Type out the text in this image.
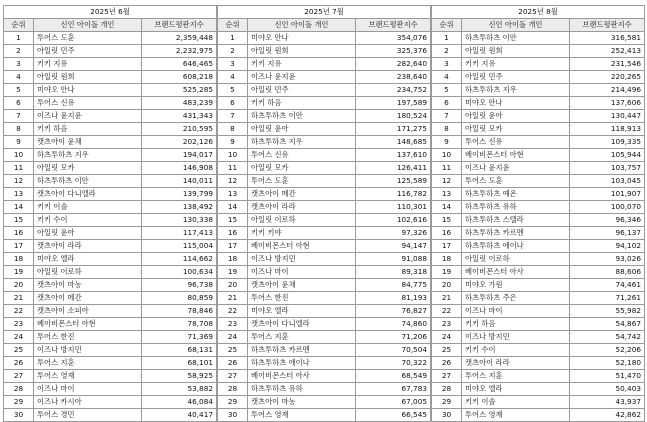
2025년 6월		
순위	신인 아이돌 개인	브랜드평판지수
1	투어스 도훈	2,359,448
2	아일릿 민주	2,232,975
3	키키 지유	646,465
4	아일릿 원희	608,218
5	미야오 안나	525,285
6	투어스 신유	483,239
7	이즈나 윤지윤	431,343
8	키키 하음	210,595
9	캣츠아이 윤채	202,126
10	하츠투하츠 지우	194,017
11	아일릿 모카	146,908
12	하츠투하츠 이안	140,011
13	캣츠아이 다니엘라	139,799
14	키키 이솔	138,492
15	키키 수이	130,338
16	아일릿 윤아	117,413
17	캣츠아이 라라	115,004
18	미야오 엘라	114,662
19	아일릿 이로하	100,634
20	캣츠아이 마농	96,738
21	캣츠아이 메간	80,859
22	캣츠아이 소피아	78,846
23	베이비몬스터 아현	78,708
24	투어스 한진	71,369
25	이즈나 방지민	68,131
26	투어스 지훈	68,101
27	투어스 영재	58,925
28	이즈나 마이	53,882
29	이즈나 카시아	46,084
30	투어스 경민	40,417
2025년 7월		
순위	신인 아이돌 개인	브랜드평판지수
1	미야오 안나	354,076
2	아일릿 원희	325,376
3	키키 지유	282,640
4	이즈나 윤지윤	238,640
5	아일릿 민주	234,752
6	키키 하음	197,589
7	하츠투하츠 이안	180,524
8	아일릿 윤아	171,275
9	하츠투하츠 지우	148,685
10	투어스 신유	137,610
11	아일릿 모카	126,411
12	투어스 도훈	125,589
13	캣츠아이 메간	116,782
14	캣츠아이 라라	110,301
15	아일릿 이로하	102,616
16	키키 키야	97,326
17	베이비몬스터 아현	94,147
18	이즈나 방지민	91,088
19	이즈나 마이	89,318
20	캣츠아이 윤채	84,775
21	투어스 한진	81,193
22	미야오 엘라	76,827
23	캣츠아이 다니엘라	74,860
24	투어스 지훈	71,206
25	하츠투하츠 카르멘	70,504
26	하츠투하츠 에이나	70,322
27	베이비몬스터 아사	68,549
28	하츠투하츠 유하	67,783
29	캣츠아이 마농	67,005
30	투어스 영재	66,545
2025년 8월		
순위	신인 아이돌 개인	브랜드평판지수
1	하츠투하츠 이안	316,581
2	아일릿 원희	252,413
3	키키 지유	231,546
4	아일릿 민주	220,265
5	하츠투하츠 지우	214,496
6	미야오 안나	137,606
7	아일릿 윤아	130,447
8	아일릿 모카	118,913
9	투어스 신유	109,335
10	베이비몬스터 아현	105,944
11	이즈나 윤지윤	103,757
12	투어스 도훈	103,045
13	하츠투하츠 예온	101,907
14	하츠투하츠 유하	100,070
15	하츠투하츠 스텔라	96,346
16	하츠투하츠 카르멘	96,137
17	하츠투하츠 에이나	94,102
18	아일릿 이로하	93,026
19	베이비몬스터 아사	88,606
20	미야오 가원	74,461
21	하츠투하츠 주은	71,261
22	이즈나 마이	55,982
23	키키 하음	54,867
24	이즈나 방지민	54,742
25	키키 수이	52,206
26	캣츠아이 라라	52,180
27	투어스 지훈	51,470
28	미야오 엘라	50,403
29	키키 이솔	43,937
30	투어스 영재	42,862
